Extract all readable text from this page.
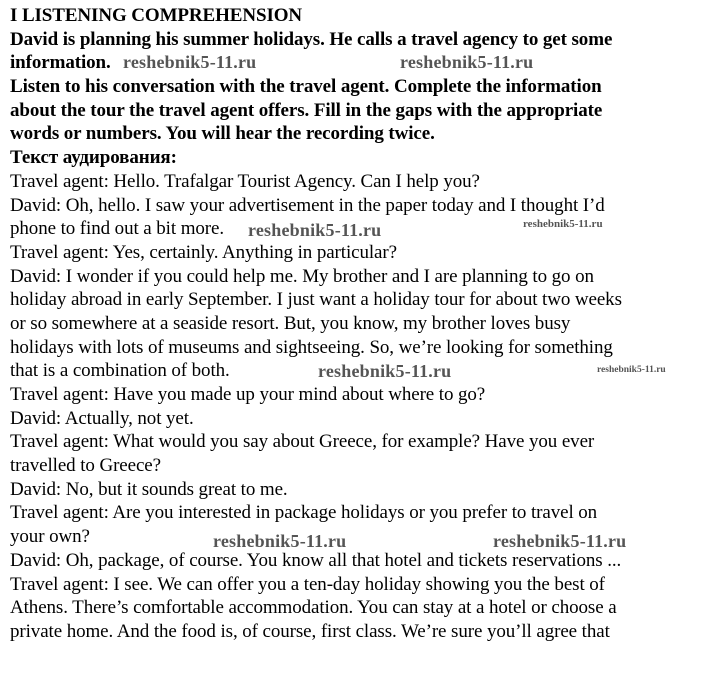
I LISTENING COMPREHENSION
David is planning his summer holidays. He calls a travel agency to get some
information.
Listen to his conversation with the travel agent. Complete the information
about the tour the travel agent offers. Fill in the gaps with the appropriate
words or numbers. You will hear the recording twice.
Текст аудирования:
Travel agent: Hello. Trafalgar Tourist Agency. Can I help you?
David: Oh, hello. I saw your advertisement in the paper today and I thought I’d
phone to find out a bit more.
Travel agent: Yes, certainly. Anything in particular?
David: I wonder if you could help me. My brother and I are planning to go on
holiday abroad in early September. I just want a holiday tour for about two weeks
or so somewhere at a seaside resort. But, you know, my brother loves busy
holidays with lots of museums and sightseeing. So, we’re looking for something
that is a combination of both.
Travel agent: Have you made up your mind about where to go?
David: Actually, not yet.
Travel agent: What would you say about Greece, for example? Have you ever
travelled to Greece?
David: No, but it sounds great to me.
Travel agent: Are you interested in package holidays or you prefer to travel on
your own?
David: Oh, package, of course. You know all that hotel and tickets reservations ...
Travel agent: I see. We can offer you a ten-day holiday showing you the best of
Athens. There’s comfortable accommodation. You can stay at a hotel or choose a
private home. And the food is, of course, first class. We’re sure you’ll agree that
reshebnik5-11.ru	reshebnik5-11.ru
reshebnik5-11.ru	reshebnik5-11.ru
reshebnik5-11.ru	reshebnik5-11.ru
reshebnik5-11.ru	reshebnik5-11.ru
